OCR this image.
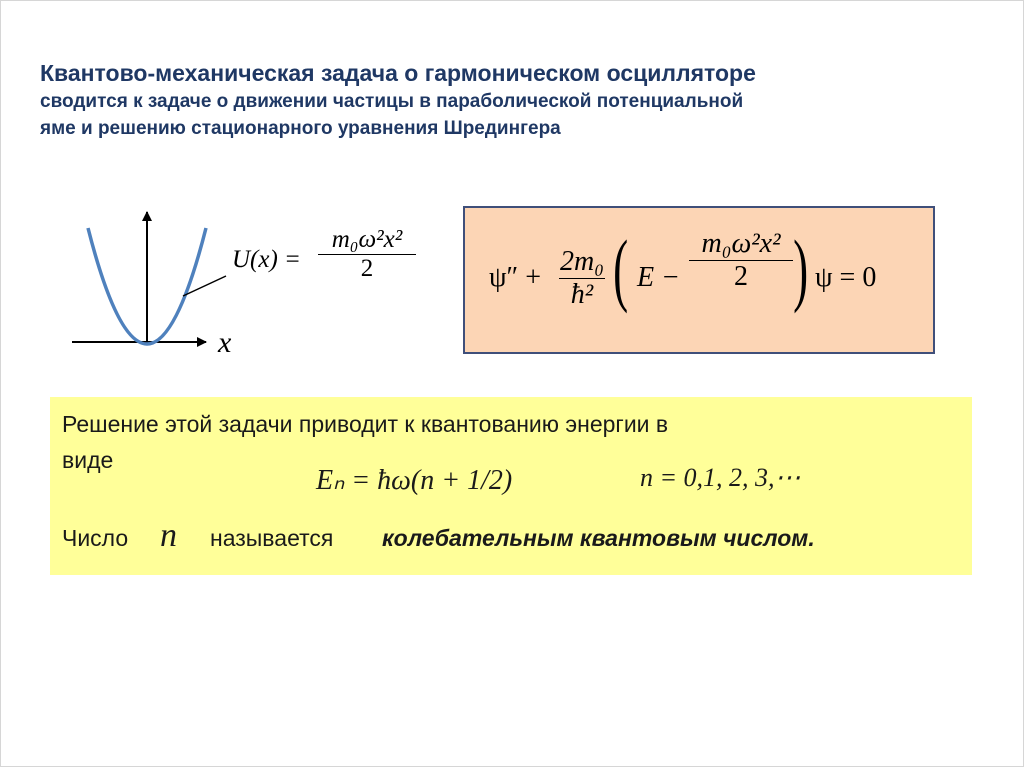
Квантово-механическая задача о гармоническом осцилляторе
сводится к задаче о движении частицы в параболической потенциальной
яме и решению стационарного уравнения Шредингера
x
U(x) =
m₀ω²x²
2	ψ″ +
2m₀
ħ² ( E −
m₀ω²x²
2 ) ψ = 0
Решение этой задачи приводит к квантованию энергии в
виде
Eₙ = ħω(n + 1/2)	n = 0,1, 2, 3,⋯
Число n называется колебательным квантовым числом.
